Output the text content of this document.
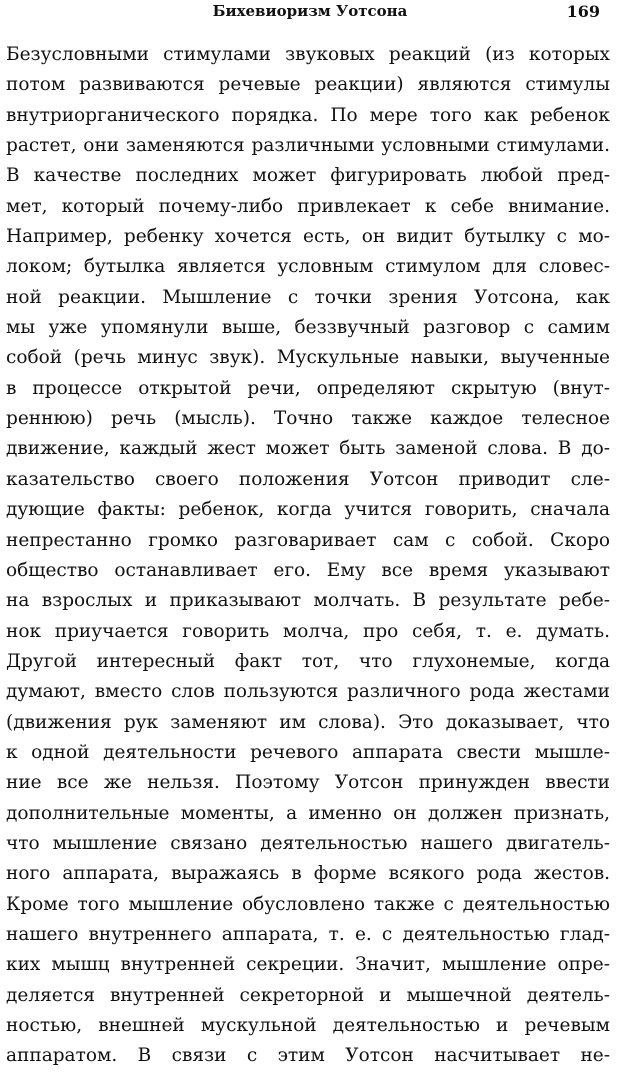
Бихевиоризм Уотсона	169
Безусловными стимулами звуковых реакций (из которых
потом развиваются речевые реакции) являются стимулы
внутриорганического порядка. По мере того как ребенок
растет, они заменяются различными условными стимулами.
В качестве последних может фигурировать любой пред-
мет, который почему-либо привлекает к себе внимание.
Например, ребенку хочется есть, он видит бутылку с мо-
локом; бутылка является условным стимулом для словес-
ной реакции. Мышление с точки зрения Уотсона, как
мы уже упомянули выше, беззвучный разговор с самим
собой (речь минус звук). Мускульные навыки, выученные
в процессе открытой речи, определяют скрытую (внут-
реннюю) речь (мысль). Точно также каждое телесное
движение, каждый жест может быть заменой слова. В до-
казательство своего положения Уотсон приводит сле-
дующие факты: ребенок, когда учится говорить, сначала
непрестанно громко разговаривает сам с собой. Скоро
общество останавливает его. Ему все время указывают
на взрослых и приказывают молчать. В результате ребе-
нок приучается говорить молча, про себя, т. е. думать.
Другой интересный факт тот, что глухонемые, когда
думают, вместо слов пользуются различного рода жестами
(движения рук заменяют им слова). Это доказывает, что
к одной деятельности речевого аппарата свести мышле-
ние все же нельзя. Поэтому Уотсон принужден ввести
дополнительные моменты, а именно он должен признать,
что мышление связано деятельностью нашего двигатель-
ного аппарата, выражаясь в форме всякого рода жестов.
Кроме того мышление обусловлено также с деятельностью
нашего внутреннего аппарата, т. е. с деятельностью глад-
ких мышц внутренней секреции. Значит, мышление опре-
деляется внутренней секреторной и мышечной деятель-
ностью, внешней мускульной деятельностью и речевым
аппаратом. В связи с этим Уотсон насчитывает не-
